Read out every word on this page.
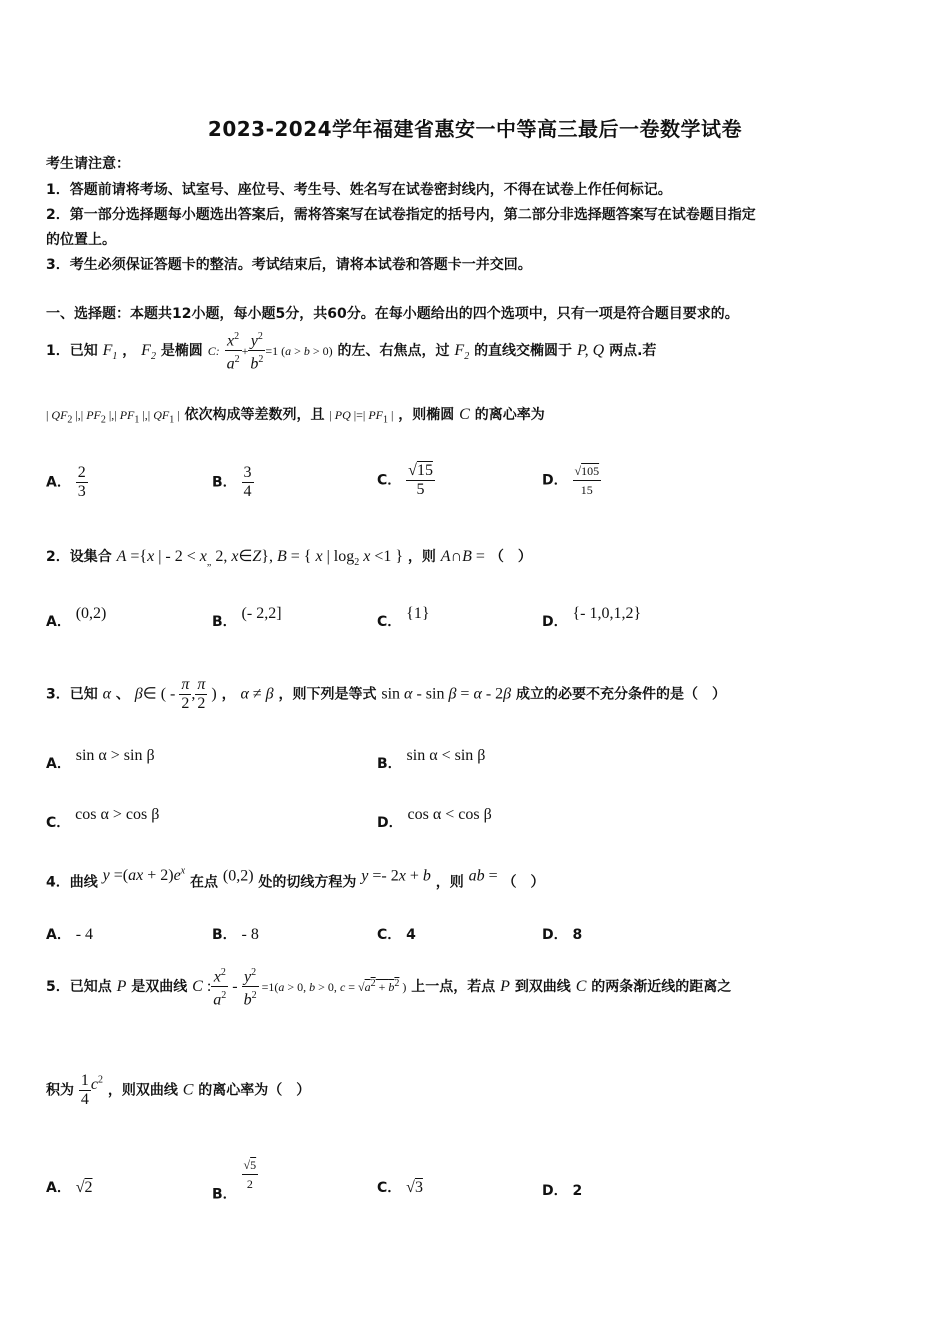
2023-2024学年福建省惠安一中等高三最后一卷数学试卷
考生请注意：
1．答题前请将考场、试室号、座位号、考生号、姓名写在试卷密封线内，不得在试卷上作任何标记。
2．第一部分选择题每小题选出答案后，需将答案写在试卷指定的括号内，第二部分非选择题答案写在试卷题目指定
的位置上。
3．考生必须保证答题卡的整洁。考试结束后，请将本试卷和答题卡一并交回。
一、选择题：本题共12小题，每小题5分，共60分。在每小题给出的四个选项中，只有一项是符合题目要求的。
1．已知 $F_1$ ， $F_2$ 是椭圆 C: $\frac{x^2}{a^2} + \frac{y^2}{b^2} =1$ (a > b > 0) 的左、右焦点，过 $F_2$ 的直线交椭圆于 P, Q 两点.若
| $QF_2$ |,| $PF_2$ |,| $PF_1$ |,| $QF_1$ | 依次构成等差数列，且 | PQ |=| $PF_1$ | ，则椭圆 C 的离心率为
A． $\frac{2}{3}$	B． $\frac{3}{4}$	C． $\frac{√15}{5}$	D． $\frac{√105}{15}$
2．设集合 A ={x | - $2 < x_„$ 2, x∈Z}, B = { x | $\log_2 x <1$ } ，则 A∩B = （　）
A． (0,2)	B． (- 2,2]	C． {1}	D． {- 1,0,1,2}
3．已知 α 、 β∈ ( - $\frac{\pi}{2}$ , $\frac{\pi}{2}$ ) ， α ≠ β ，则下列是等式 sin α - sin β = α - 2β 成立的必要不充分条件的是（　）
A． sin α > sin β	B． sin α < sin β
C． cos α > cos β	D． cos α < cos β
4．曲线 $y =(ax + 2)e^x$ 在点 (0,2) 处的切线方程为 y =- 2x + b ，则 ab = （　）
A． - 4	B． - 8	C． 4	D． 8
5．已知点 P 是双曲线 C : $\frac{x^2}{a^2} - \frac{y^2}{b^2} =1(a > 0$, b > 0, $c = √a^2 + b^2$ ) 上一点，若点 P 到双曲线 C 的两条渐近线的距离之
积为 $\frac{1}{4} c^2$ ，则双曲线 C 的离心率为（　）
A． √2	B．
$\frac{√5}{2}$	C． √3	D． 2
